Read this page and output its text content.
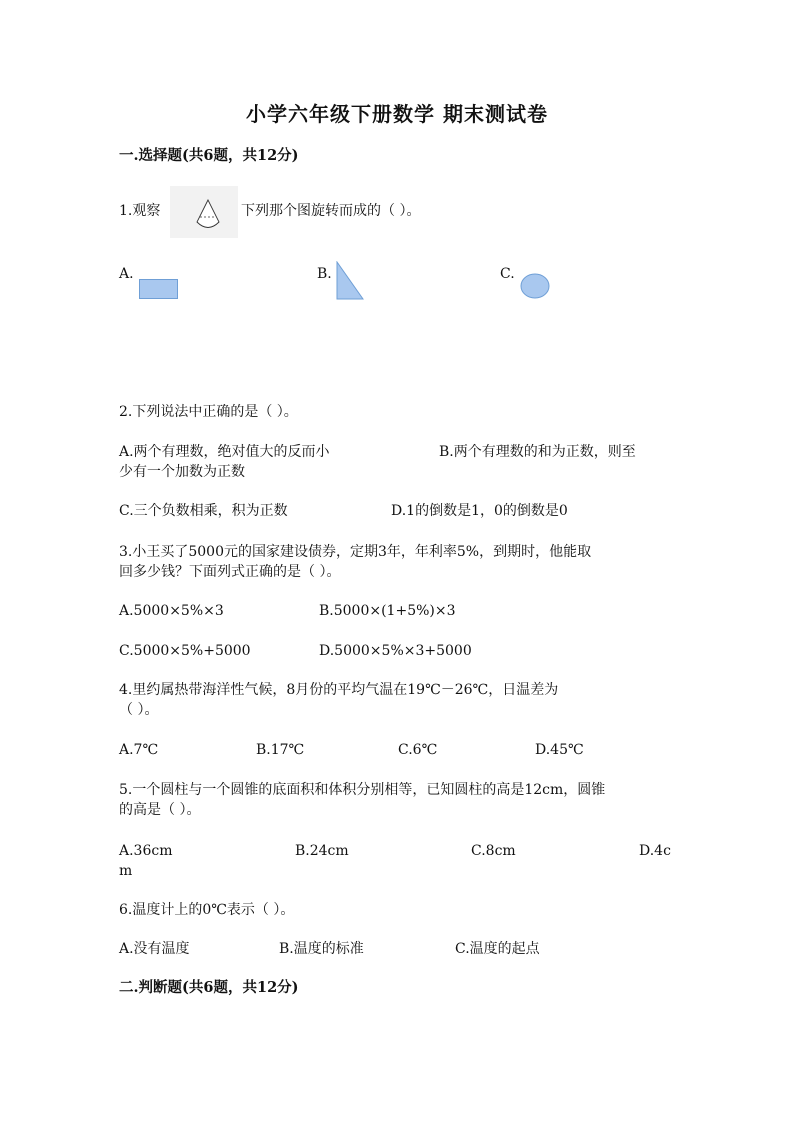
小学六年级下册数学 期末测试卷
一.选择题(共6题，共12分)
1.观察	下列那个图旋转而成的（ ）。
A.	B.	C.
2.下列说法中正确的是（ ）。
A.两个有理数，绝对值大的反而小	B.两个有理数的和为正数，则至
少有一个加数为正数
C.三个负数相乘，积为正数	D.1的倒数是1，0的倒数是0
3.小王买了5000元的国家建设债券，定期3年，年利率5%，到期时，他能取
回多少钱？下面列式正确的是（ ）。
A.5000×5%×3	B.5000×(1+5%)×3
C.5000×5%+5000	D.5000×5%×3+5000
4.里约属热带海洋性气候，8月份的平均气温在19℃－26℃，日温差为
（ ）。
A.7℃	B.17℃	C.6℃	D.45℃
5.一个圆柱与一个圆锥的底面积和体积分别相等，已知圆柱的高是12cm，圆锥
的高是（ ）。
A.36cm	B.24cm	C.8cm	D.4c
m
6.温度计上的0℃表示（ ）。
A.没有温度	B.温度的标准	C.温度的起点
二.判断题(共6题，共12分)
